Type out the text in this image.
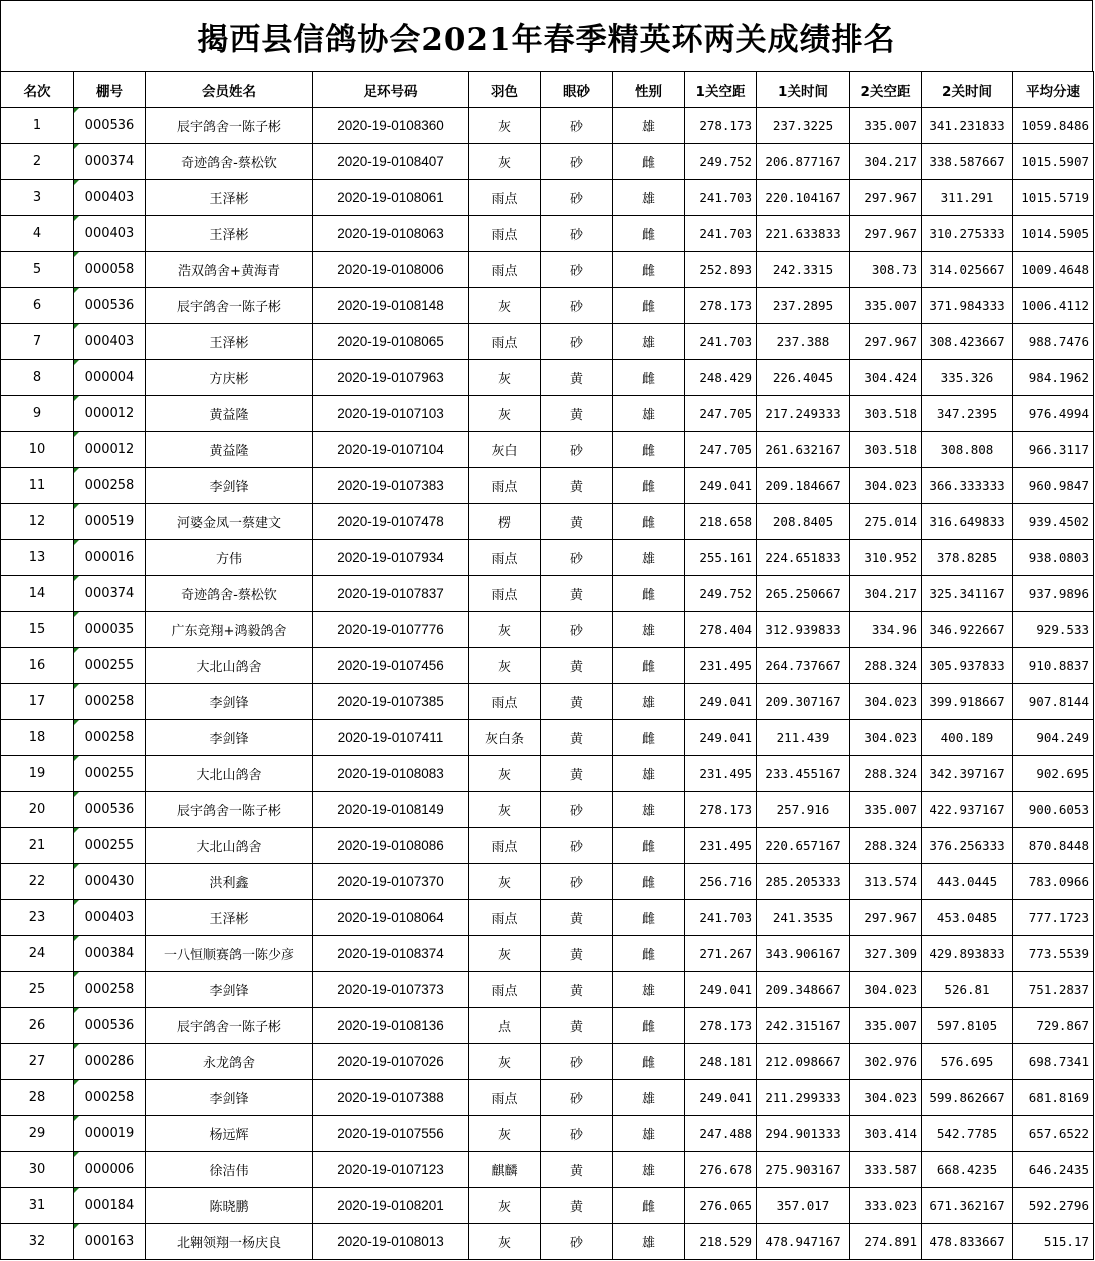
揭西县信鸽协会2021年春季精英环两关成绩排名
名次	棚号	会员姓名	足环号码	羽色	眼砂	性别	1关空距	1关时间	2关空距	2关时间	平均分速
1	000536	辰宇鸽舍一陈子彬	2020-19-0108360	灰	砂	雄	278.173	237.3225	335.007	341.231833	1059.8486
2	000374	奇迹鸽舍-蔡松钦	2020-19-0108407	灰	砂	雌	249.752	206.877167	304.217	338.587667	1015.5907
3	000403	王泽彬	2020-19-0108061	雨点	砂	雄	241.703	220.104167	297.967	311.291	1015.5719
4	000403	王泽彬	2020-19-0108063	雨点	砂	雌	241.703	221.633833	297.967	310.275333	1014.5905
5	000058	浩双鸽舍+黄海青	2020-19-0108006	雨点	砂	雌	252.893	242.3315	308.73	314.025667	1009.4648
6	000536	辰宇鸽舍一陈子彬	2020-19-0108148	灰	砂	雌	278.173	237.2895	335.007	371.984333	1006.4112
7	000403	王泽彬	2020-19-0108065	雨点	砂	雄	241.703	237.388	297.967	308.423667	988.7476
8	000004	方庆彬	2020-19-0107963	灰	黄	雌	248.429	226.4045	304.424	335.326	984.1962
9	000012	黄益隆	2020-19-0107103	灰	黄	雄	247.705	217.249333	303.518	347.2395	976.4994
10	000012	黄益隆	2020-19-0107104	灰白	砂	雌	247.705	261.632167	303.518	308.808	966.3117
11	000258	李剑锋	2020-19-0107383	雨点	黄	雌	249.041	209.184667	304.023	366.333333	960.9847
12	000519	河婆金凤一蔡建文	2020-19-0107478	楞	黄	雌	218.658	208.8405	275.014	316.649833	939.4502
13	000016	方伟	2020-19-0107934	雨点	砂	雄	255.161	224.651833	310.952	378.8285	938.0803
14	000374	奇迹鸽舍-蔡松钦	2020-19-0107837	雨点	黄	雌	249.752	265.250667	304.217	325.341167	937.9896
15	000035	广东竞翔+鸿毅鸽舍	2020-19-0107776	灰	砂	雄	278.404	312.939833	334.96	346.922667	929.533
16	000255	大北山鸽舍	2020-19-0107456	灰	黄	雌	231.495	264.737667	288.324	305.937833	910.8837
17	000258	李剑锋	2020-19-0107385	雨点	黄	雄	249.041	209.307167	304.023	399.918667	907.8144
18	000258	李剑锋	2020-19-0107411	灰白条	黄	雌	249.041	211.439	304.023	400.189	904.249
19	000255	大北山鸽舍	2020-19-0108083	灰	黄	雄	231.495	233.455167	288.324	342.397167	902.695
20	000536	辰宇鸽舍一陈子彬	2020-19-0108149	灰	砂	雄	278.173	257.916	335.007	422.937167	900.6053
21	000255	大北山鸽舍	2020-19-0108086	雨点	砂	雌	231.495	220.657167	288.324	376.256333	870.8448
22	000430	洪利鑫	2020-19-0107370	灰	砂	雌	256.716	285.205333	313.574	443.0445	783.0966
23	000403	王泽彬	2020-19-0108064	雨点	黄	雌	241.703	241.3535	297.967	453.0485	777.1723
24	000384	一八恒顺赛鸽一陈少彦	2020-19-0108374	灰	黄	雌	271.267	343.906167	327.309	429.893833	773.5539
25	000258	李剑锋	2020-19-0107373	雨点	黄	雄	249.041	209.348667	304.023	526.81	751.2837
26	000536	辰宇鸽舍一陈子彬	2020-19-0108136	点	黄	雌	278.173	242.315167	335.007	597.8105	729.867
27	000286	永龙鸽舍	2020-19-0107026	灰	砂	雌	248.181	212.098667	302.976	576.695	698.7341
28	000258	李剑锋	2020-19-0107388	雨点	砂	雄	249.041	211.299333	304.023	599.862667	681.8169
29	000019	杨远辉	2020-19-0107556	灰	砂	雄	247.488	294.901333	303.414	542.7785	657.6522
30	000006	徐洁伟	2020-19-0107123	麒麟	黄	雄	276.678	275.903167	333.587	668.4235	646.2435
31	000184	陈晓鹏	2020-19-0108201	灰	黄	雌	276.065	357.017	333.023	671.362167	592.2796
32	000163	北翱领翔一杨庆良	2020-19-0108013	灰	砂	雄	218.529	478.947167	274.891	478.833667	515.17
